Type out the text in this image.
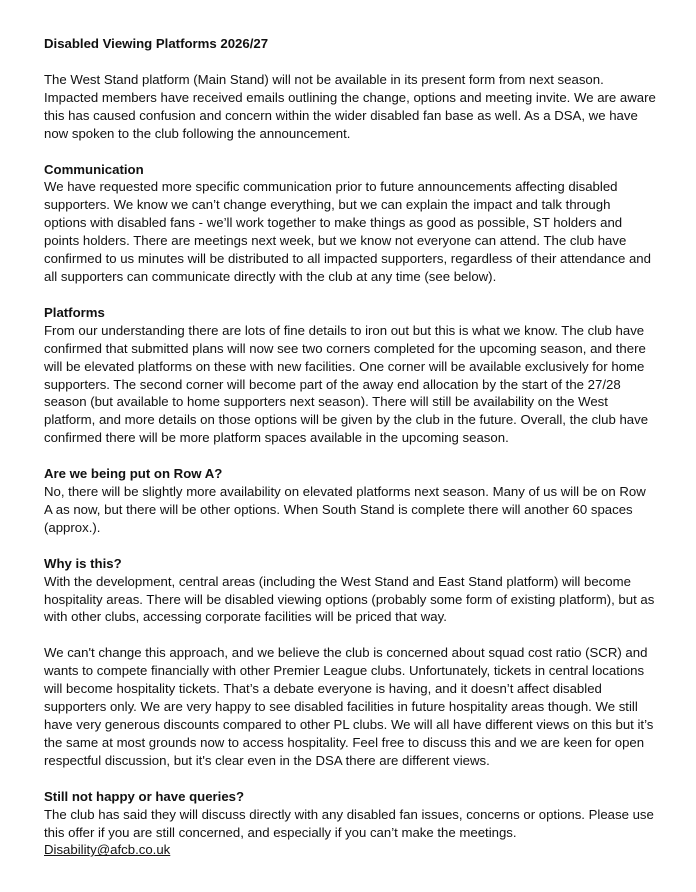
Disabled Viewing Platforms 2026/27

The West Stand platform (Main Stand) will not be available in its present form from next season. Impacted members have received emails outlining the change, options and meeting invite. We are aware this has caused confusion and concern within the wider disabled fan base as well. As a DSA, we have now spoken to the club following the announcement.

Communication

We have requested more specific communication prior to future announcements affecting disabled supporters. We know we can’t change everything, but we can explain the impact and talk through options with disabled fans - we’ll work together to make things as good as possible, ST holders and points holders. There are meetings next week, but we know not everyone can attend. The club have confirmed to us minutes will be distributed to all impacted supporters, regardless of their attendance and all supporters can communicate directly with the club at any time (see below).

Platforms

From our understanding there are lots of fine details to iron out but this is what we know. The club have confirmed that submitted plans will now see two corners completed for the upcoming season, and there will be elevated platforms on these with new facilities. One corner will be available exclusively for home supporters. The second corner will become part of the away end allocation by the start of the 27/28 season (but available to home supporters next season). There will still be availability on the West platform, and more details on those options will be given by the club in the future. Overall, the club have confirmed there will be more platform spaces available in the upcoming season.

Are we being put on Row A?

No, there will be slightly more availability on elevated platforms next season. Many of us will be on Row A as now, but there will be other options. When South Stand is complete there will another 60 spaces (approx.).

Why is this?

With the development, central areas (including the West Stand and East Stand platform) will become hospitality areas. There will be disabled viewing options (probably some form of existing platform), but as with other clubs, accessing corporate facilities will be priced that way.

We can't change this approach, and we believe the club is concerned about squad cost ratio (SCR) and wants to compete financially with other Premier League clubs. Unfortunately, tickets in central locations will become hospitality tickets. That’s a debate everyone is having, and it doesn’t affect disabled supporters only. We are very happy to see disabled facilities in future hospitality areas though. We still have very generous discounts compared to other PL clubs. We will all have different views on this but it’s the same at most grounds now to access hospitality. Feel free to discuss this and we are keen for open respectful discussion, but it's clear even in the DSA there are different views.

Still not happy or have queries?

The club has said they will discuss directly with any disabled fan issues, concerns or options. Please use this offer if you are still concerned, and especially if you can’t make the meetings.

Disability@afcb.co.uk
